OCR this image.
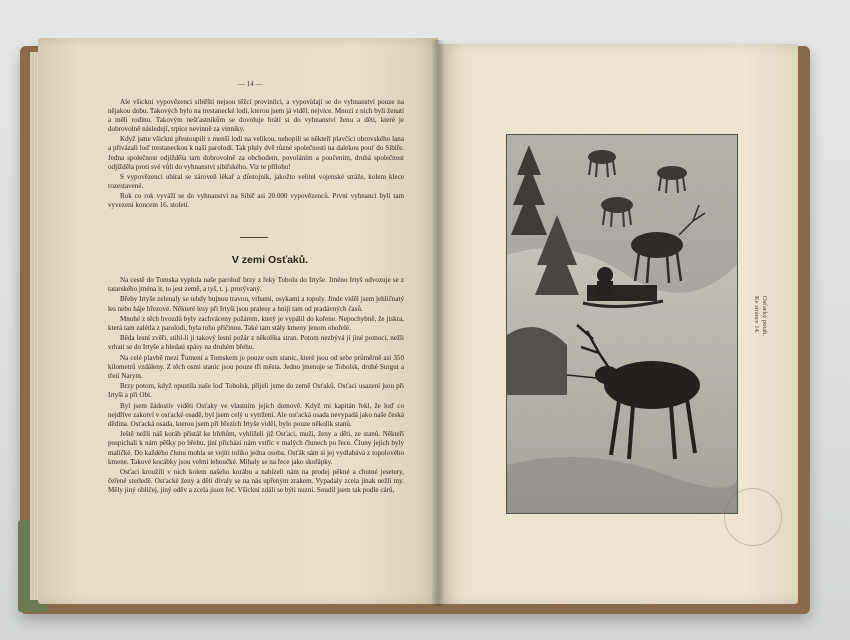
— 14 —

Ale všickni vypovězenci sibiřští nejsou těžcí provinilci, a vypovídají se do vyhnanství pouze na nějakou dobu. Takových bylo na trestanecké lodi, kterou jsem já viděl, nejvíce. Mnozí z nich byli ženatí a měli rodinu. Takovým nešťastníkům se dovoluje brátí si do vyhnanství ženu a děti, které je dobrovolně následují, trpíce nevinně za vinníky.

Když jsme všickni přestoupili z menší lodi na velikou, nehopili se někteří plavčíci obrovského lana a přivázali loď trestaneckou k naší parolodi. Tak pluly dvě různé společnosti na dalekou pouť do Sibiře. Jedna společnost odjížděla tam dobrovolně za obchodem, povoláním a poučením, druhá společnost odjížděla proti své vůli do vyhnanství sibiřského. Viz te přílohu!

S vypovězenci ubíral se zároveň lékař a důstojník, jakožto velitel vojenské stráže, kolem klece rozestavené.

Rok co rok vyváží se do vyhnanství na Sibiř asi 20.000 vypovězenců. První vyhnanci byli tam vyvezení koncem 16. století.

V zemi Osťaků.

Na cestě do Tomska vyplula naše paroloď brzy z řeky Tobolu do Irtyše. Jméno Irtyš odvozuje se z tatarského jména ir, to jest země, a tyš, t. j. prorývaný.

Břehy Irtyše zelenaly se tehdy bujnou travou, vrbami, osykami a topoly. Jinde viděl jsem jehličnatý les nebo háje březové. Některé lesy při Irtyši jsou pralesy a hnijí tam od pradávných časů.

Mnohé z těch hvozdů byly zachváceny požárem, který je vypálil do kořene. Nepochybně, že jiskra, která tam zalétla z parolodi, byla toho příčinou. Také tam stály kmeny jenom ohořelé.

Běda lesní zvěři, stihl-li ji takový lesní požár z několika stran. Potom nezbývá jí jiné pomoci, nežli vrhati se do Irtyše a hledati spásy na druhém břehu.

Na celé plavbě mezi Ťumení a Tomskem je pouze osm stanic, které jsou od sebe průměrně asi 350 kilometrů vzdáleny. Z těch osmi stanic jsou pouze tři města. Jedno jmenuje se Tobolsk, druhé Surgut a třetí Narym.

Brzy potom, když opustila naše loď Tobolsk, přijeli jsme do země Osťaků. Osťaci usazení jsou při Irtyši a při Obi.

Byl jsem žádostiv viděti Osťaky ve vlastním jejich domově. Když mi kapitán řekl, že loď co nejdříve zakotví v osťacké osadě, byl jsem celý u vytržení. Ale osťacká osada nevypadá jako naše česká dědina. Osťacká osada, kterou jsem při březích Irtyše viděl, bylo pouze několik stanů.

Ještě nežli náš koráb přistál ke břehům, vyhlíželi již Osťaci, muži, ženy a děti, ze stanů. Někteří pospíchali k nám pěšky po břehu, jiní přichází nám vstříc v malých člunech po řece. Čluny jejich byly maličké. Do každého člunu mohla se vejíti toliko jedna osoba. Osťák sám si jej vydlabává z topolového kmene. Takové kocábky jsou velmi lehoučké. Mihaly se na řece jako skořápky.

Osťaci kroužili v nich kolem našeho korábu a nabízeli nám na prodej pěkné a chutné jesetery, čeřené sterledě. Osťacké ženy a děti dívaly se na nás upřeným zrakem. Vypadaly zcela jinak nežli my. Měly jiný obličej, jiný oděv a zcela jison řeč. Všickni zdáli se býti nuzní. Soudil jsem tak podle cárů,

Osťacký potah.
Ke stránce 14.
